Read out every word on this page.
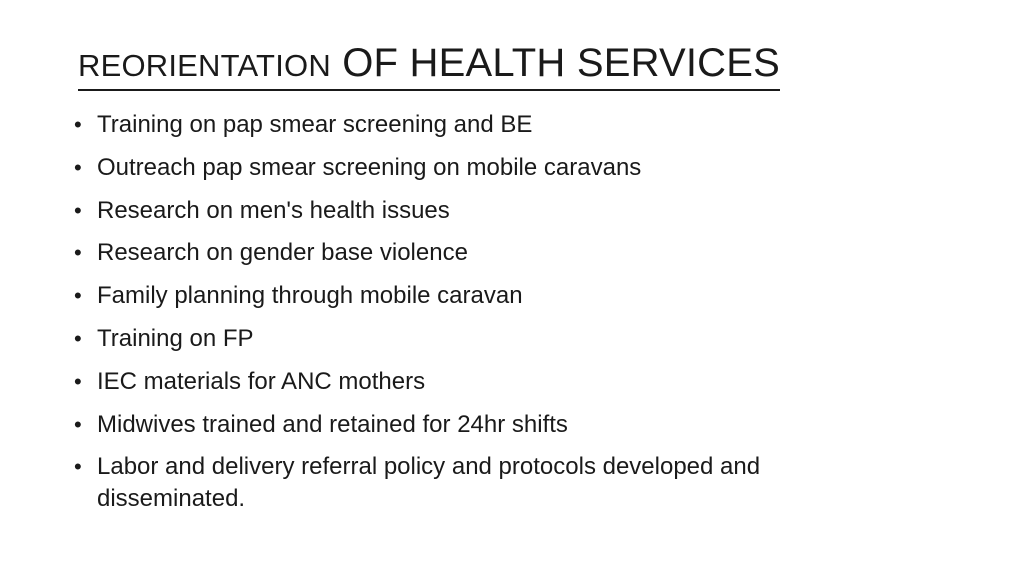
REORIENTATION OF HEALTH SERVICES
• Training on pap smear screening and BE
• Outreach pap smear screening on mobile caravans
• Research on men's health issues
• Research on gender base violence
• Family planning through mobile caravan
• Training on FP
• IEC materials for ANC mothers
• Midwives trained and retained for 24hr shifts
• Labor and delivery referral policy and protocols developed and disseminated.
